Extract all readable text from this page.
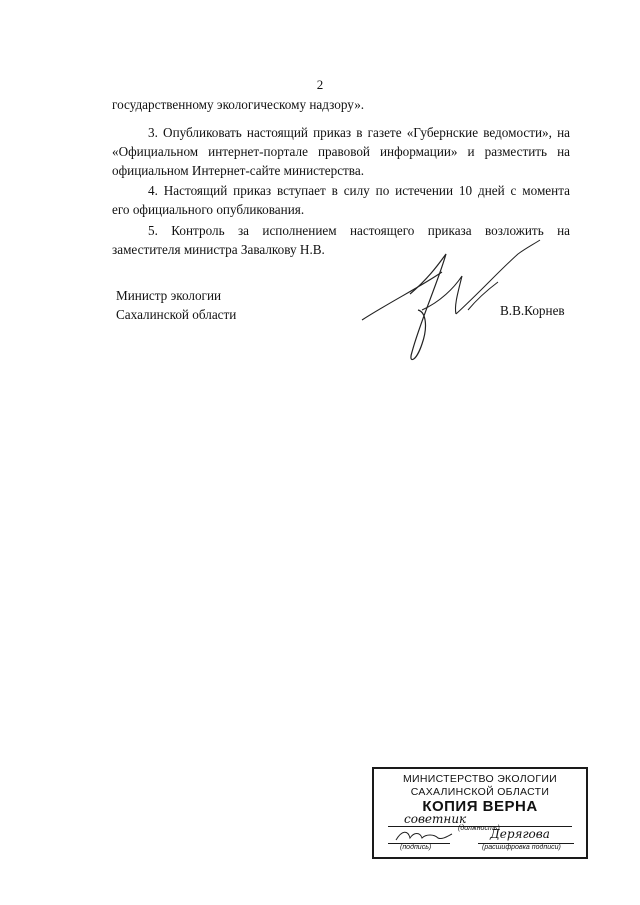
2

государственному экологическому надзору».

3. Опубликовать настоящий приказ в газете «Губернские ведомости», на

«Официальном интернет-портале правовой информации» и разместить на

официальном Интернет-сайте министерства.

4. Настоящий приказ вступает в силу по истечении 10 дней с момента

его официального опубликования.

5. Контроль за исполнением настоящего приказа возложить на

заместителя министра Завалкову Н.В.

Министр экологии
Сахалинской области	В.В.Корнев
МИНИСТЕРСТВО ЭКОЛОГИИ
САХАЛИНСКОЙ ОБЛАСТИ
КОПИЯ ВЕРНА
советник
(должность)
Дерягова
(подпись)	(расшифровка подписи)
